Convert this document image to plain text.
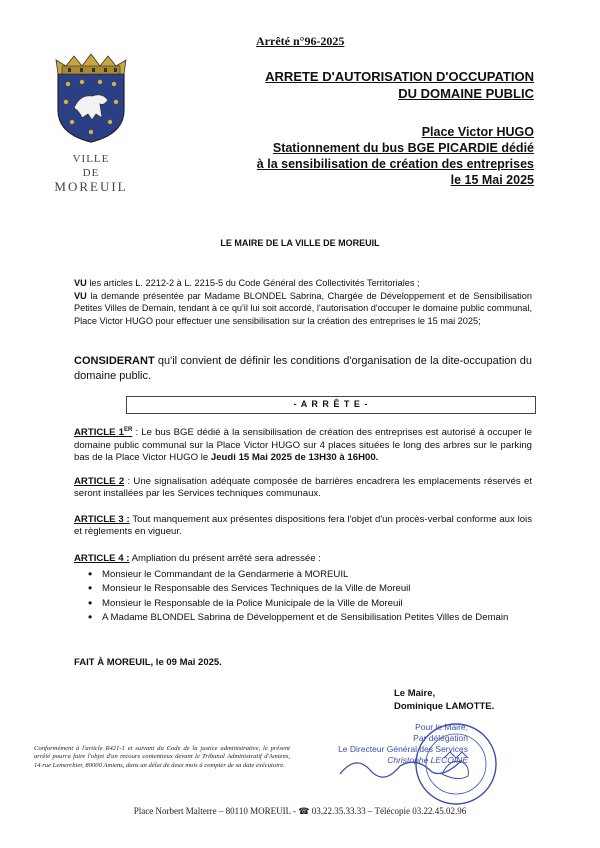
Arrêté n°96-2025
VILLE
DE
MOREUIL
ARRETE D'AUTORISATION D'OCCUPATION
DU DOMAINE PUBLIC
Place Victor HUGO
Stationnement du bus BGE PICARDIE dédié
à la sensibilisation de création des entreprises
le 15 Mai 2025
LE MAIRE DE LA VILLE DE MOREUIL
VU les articles L. 2212-2 à L. 2215-5 du Code Général des Collectivités Territoriales ;
VU la demande présentée par Madame BLONDEL Sabrina, Chargée de Développement et de Sensibilisation Petites Villes de Demain, tendant à ce qu'il lui soit accordé, l'autorisation d'occuper le domaine public communal, Place Victor HUGO pour effectuer une sensibilisation sur la création des entreprises le 15 mai 2025;
CONSIDERANT qu'il convient de définir les conditions d'organisation de la dite-occupation du domaine public.
- A R R Ê T E -
ARTICLE 1ER : Le bus BGE dédié à la sensibilisation de création des entreprises est autorisé à occuper le domaine public communal sur la Place Victor HUGO sur 4 places situées le long des arbres sur le parking bas de la Place Victor HUGO le Jeudi 15 Mai 2025 de 13H30 à 16H00.
ARTICLE 2 : Une signalisation adéquate composée de barrières encadrera les emplacements réservés et seront installées par les Services techniques communaux.
ARTICLE 3 : Tout manquement aux présentes dispositions fera l'objet d'un procès-verbal conforme aux lois et règlements en vigueur.
ARTICLE 4 : Ampliation du présent arrêté sera adressée :
• Monsieur le Commandant de la Gendarmerie à MOREUIL
• Monsieur le Responsable des Services Techniques de la Ville de Moreuil
• Monsieur le Responsable de la Police Municipale de la Ville de Moreuil
• A Madame BLONDEL Sabrina de Développement et de Sensibilisation Petites Villes de Demain
FAIT À MOREUIL, le 09 Mai 2025.
Le Maire,
Dominique LAMOTTE.
Pour le Maire,
Par délégation
Le Directeur Général des Services
Christophe LECOINE
Conformément à l'article R421-1 et suivant du Code de la justice administrative, le présent arrêté pourra faire l'objet d'un recours contentieux devant le Tribunal Administratif d'Amiens, 14 rue Lemerchier, 80000 Amiens, dans un délai de deux mois à compter de sa date exécutoire.
Place Norbert Malterre – 80110 MOREUIL - ☎ 03.22.35.33.33 – Télécopie 03.22.45.02.96
